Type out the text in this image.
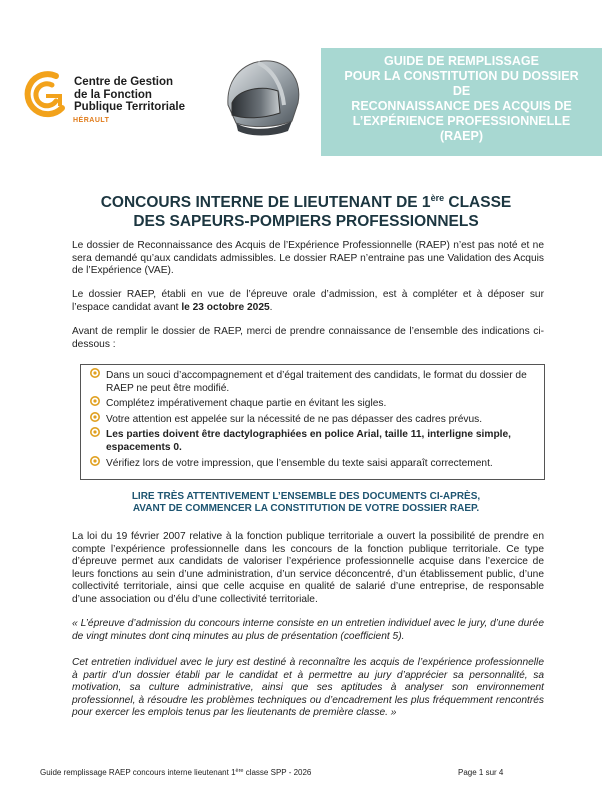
Centre de Gestion
de la Fonction
Publique Territoriale
HÉRAULT
GUIDE DE REMPLISSAGE
POUR LA CONSTITUTION DU DOSSIER
DE
RECONNAISSANCE DES ACQUIS DE
L’EXPÉRIENCE PROFESSIONNELLE
(RAEP)
CONCOURS INTERNE DE LIEUTENANT DE 1ère CLASSE
DES SAPEURS-POMPIERS PROFESSIONNELS
Le dossier de Reconnaissance des Acquis de l’Expérience Professionnelle (RAEP) n’est pas noté et ne sera demandé qu’aux candidats admissibles. Le dossier RAEP n’entraine pas une Validation des Acquis de l’Expérience (VAE).
Le dossier RAEP, établi en vue de l’épreuve orale d’admission, est à compléter et à déposer sur l’espace candidat avant le 23 octobre 2025.
Avant de remplir le dossier de RAEP, merci de prendre connaissance de l’ensemble des indications ci-dessous :
Dans un souci d’accompagnement et d’égal traitement des candidats, le format du dossier de RAEP ne peut être modifié.
Complétez impérativement chaque partie en évitant les sigles.
Votre attention est appelée sur la nécessité de ne pas dépasser des cadres prévus.
Les parties doivent être dactylographiées en police Arial, taille 11, interligne simple, espacements 0.
Vérifiez lors de votre impression, que l’ensemble du texte saisi apparaît correctement.
LIRE TRÈS ATTENTIVEMENT L’ENSEMBLE DES DOCUMENTS CI-APRÈS,
AVANT DE COMMENCER LA CONSTITUTION DE VOTRE DOSSIER RAEP.
La loi du 19 février 2007 relative à la fonction publique territoriale a ouvert la possibilité de prendre en compte l’expérience professionnelle dans les concours de la fonction publique territoriale. Ce type d’épreuve permet aux candidats de valoriser l’expérience professionnelle acquise dans l’exercice de leurs fonctions au sein d’une administration, d’un service déconcentré, d’un établissement public, d’une collectivité territoriale, ainsi que celle acquise en qualité de salarié d’une entreprise, de responsable d’une association ou d’élu d’une collectivité territoriale.
« L’épreuve d’admission du concours interne consiste en un entretien individuel avec le jury, d’une durée de vingt minutes dont cinq minutes au plus de présentation (coefficient 5).
Cet entretien individuel avec le jury est destiné à reconnaître les acquis de l’expérience professionnelle à partir d’un dossier établi par le candidat et à permettre au jury d’apprécier sa personnalité, sa motivation, sa culture administrative, ainsi que ses aptitudes à analyser son environnement professionnel, à résoudre les problèmes techniques ou d’encadrement les plus fréquemment rencontrés pour exercer les emplois tenus par les lieutenants de première classe. »
Guide remplissage RAEP concours interne lieutenant 1ère classe SPP - 2026	Page 1 sur 4
